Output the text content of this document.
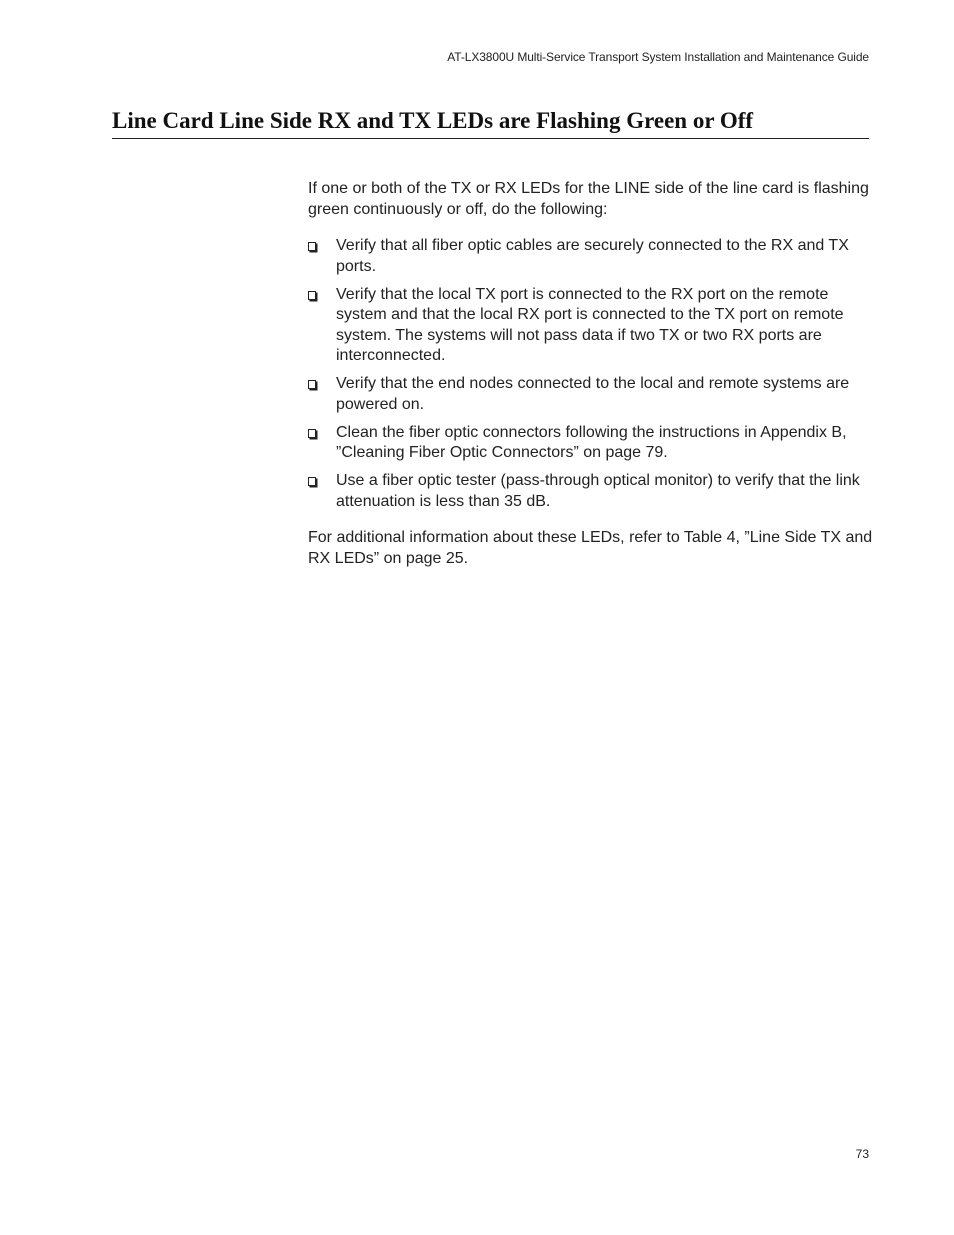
AT-LX3800U Multi-Service Transport System Installation and Maintenance Guide
Line Card Line Side RX and TX LEDs are Flashing Green or Off

If one or both of the TX or RX LEDs for the LINE side of the line card is flashing green continuously or off, do the following:

Verify that all fiber optic cables are securely connected to the RX and TX ports.
Verify that the local TX port is connected to the RX port on the remote system and that the local RX port is connected to the TX port on remote system. The systems will not pass data if two TX or two RX ports are interconnected.
Verify that the end nodes connected to the local and remote systems are powered on.
Clean the fiber optic connectors following the instructions in Appendix B, ”Cleaning Fiber Optic Connectors” on page 79.
Use a fiber optic tester (pass-through optical monitor) to verify that the link attenuation is less than 35 dB.

For additional information about these LEDs, refer to Table 4, ”Line Side TX and RX LEDs” on page 25.

73
